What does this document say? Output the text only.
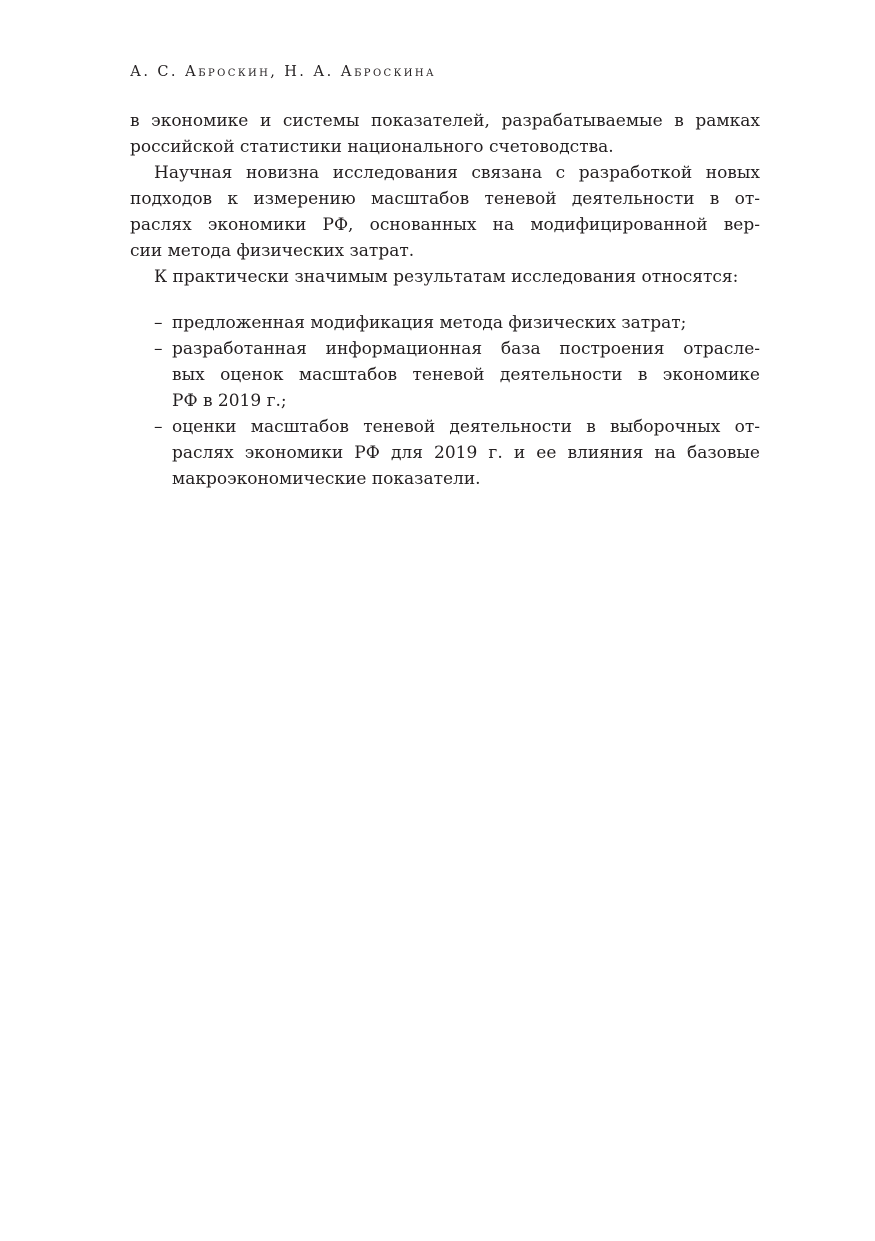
А. С. Аброскин, Н. А. Аброскина

в экономике и системы показателей, разрабатываемые в рамках
российской статистики национального счетоводства.

Научная новизна исследования связана с разработкой новых
подходов к измерению масштабов теневой деятельности в от-
раслях экономики РФ, основанных на модифицированной вер-
сии метода физических затрат.

К практически значимым результатам исследования относятся:

– предложенная модификация метода физических затрат;
– разработанная информационная база построения отрасле-
вых оценок масштабов теневой деятельности в экономике
РФ в 2019 г.;
– оценки масштабов теневой деятельности в выборочных от-
раслях экономики РФ для 2019 г. и ее влияния на базовые
макроэкономические показатели.
